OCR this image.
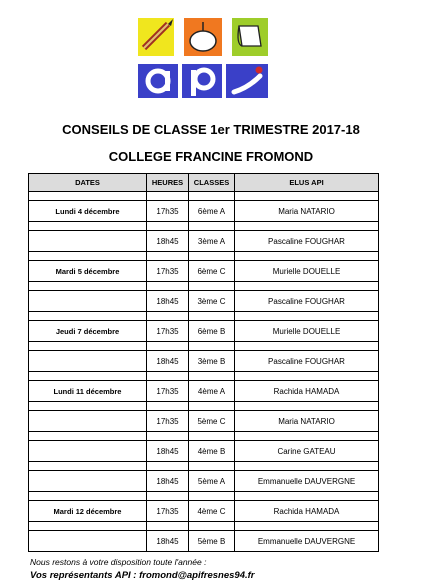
CONSEILS DE CLASSE 1er TRIMESTRE 2017-18
COLLEGE FRANCINE FROMOND
DATES	HEURES	CLASSES	ELUS API

Lundi 4 décembre	17h35	6ème A	Maria NATARIO

	18h45	3ème A	Pascaline FOUGHAR

Mardi 5 décembre	17h35	6ème C	Murielle DOUELLE

	18h45	3ème C	Pascaline FOUGHAR

Jeudi 7 décembre	17h35	6ème B	Murielle DOUELLE

	18h45	3ème B	Pascaline FOUGHAR

Lundi 11 décembre	17h35	4ème A	Rachida HAMADA

	17h35	5ème C	Maria NATARIO

	18h45	4ème B	Carine GATEAU

	18h45	5ème A	Emmanuelle DAUVERGNE

Mardi 12 décembre	17h35	4ème C	Rachida HAMADA

	18h45	5ème B	Emmanuelle DAUVERGNE
Nous restons à votre disposition toute l'année :
Vos représentants API : fromond@apifresnes94.fr
